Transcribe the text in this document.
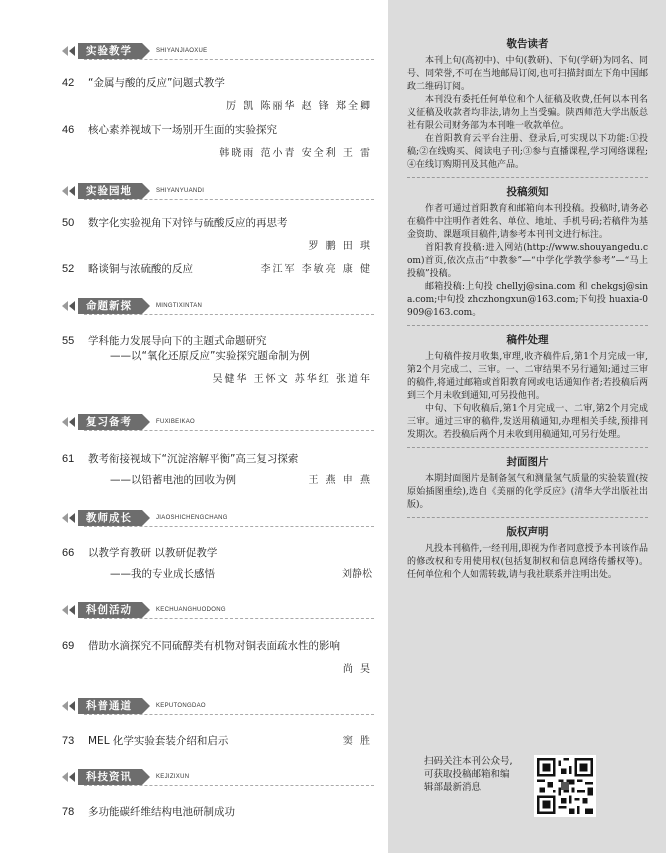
实验教学	SHIYANJIAOXUE
42	“金属与酸的反应”问题式教学
厉 凯 陈丽华 赵 锋 郑全卿
46	核心素养视域下一场别开生面的实验探究
韩晓雨 范小青 安全利 王 雷
实验园地	SHIYANYUANDI
50	数字化实验视角下对锌与硫酸反应的再思考
罗 鹏 田 琪
52	略谈铜与浓硫酸的反应	李江军 李敏亮 康 健
命题新探	MINGTIXINTAN
55	学科能力发展导向下的主题式命题研究
——以“氧化还原反应”实验探究题命制为例
吴健华 王怀文 苏华红 张道年
复习备考	FUXIBEIKAO
61	教考衔接视域下“沉淀溶解平衡”高三复习探索
——以铅蓄电池的回收为例	王 燕 申 燕
教师成长	JIAOSHICHENGCHANG
66	以教学育教研 以教研促教学
——我的专业成长感悟	刘静松
科创活动	KECHUANGHUODONG
69	借助水滴探究不同硫醇类有机物对铜表面疏水性的影响
尚 昊
科普通道	KEPUTONGDAO
73	MEL 化学实验套装介绍和启示	窦 胜
科技资讯	KEJIZIXUN
78	多功能碳纤维结构电池研制成功
敬告读者

本刊上旬(高初中)、中旬(教研)、下旬(学研)为同名、同号、同荣誉,不可在当地邮局订阅,也可扫描封面左下角中国邮政二维码订阅。

本刊没有委托任何单位和个人征稿及收费,任何以本刊名义征稿及收款者均非法,请勿上当受骗。陕西师范大学出版总社有限公司财务部为本刊唯一收款单位。

在首阳教育云平台注册、登录后,可实现以下功能:①投稿;②在线购买、阅读电子刊;③参与直播课程,学习网络课程;④在线订购期刊及其他产品。

投稿须知

作者可通过首阳教育和邮箱向本刊投稿。投稿时,请务必在稿件中注明作者姓名、单位、地址、手机号码;若稿件为基金资助、课题项目稿件,请参考本刊刊文进行标注。

首阳教育投稿:进入网站(http://www.shouyangedu.com)首页,依次点击“中教参”—“中学化学教学参考”—“马上投稿”投稿。

邮箱投稿:上旬投 chellyj@sina.com 和 chekgsj@sina.com;中旬投 zhczhongxun@163.com;下旬投 huaxia-0909@163.com。

稿件处理

上旬稿件按月收集,审理,收齐稿件后,第1个月完成一审,第2个月完成二、三审。一、二审结果不另行通知;通过三审的稿件,将通过邮箱或首阳教育网或电话通知作者;若投稿后两到三个月未收到通知,可另投他刊。

中旬、下旬收稿后,第1个月完成一、二审,第2个月完成三审。通过三审的稿件,发送用稿通知,办理相关手续,预排刊发期次。若投稿后两个月未收到用稿通知,可另行处理。

封面图片

本期封面图片是制备氢气和测量氢气质量的实验装置(按原始插图重绘),选自《美丽的化学反应》(清华大学出版社出版)。

版权声明

凡投本刊稿件,一经刊用,即视为作者同意授予本刊该作品的修改权和专用使用权(包括复制权和信息网络传播权等)。任何单位和个人如需转载,请与我社联系并注明出处。

扫码关注本刊公众号,可获取投稿邮箱和编辑部最新消息
